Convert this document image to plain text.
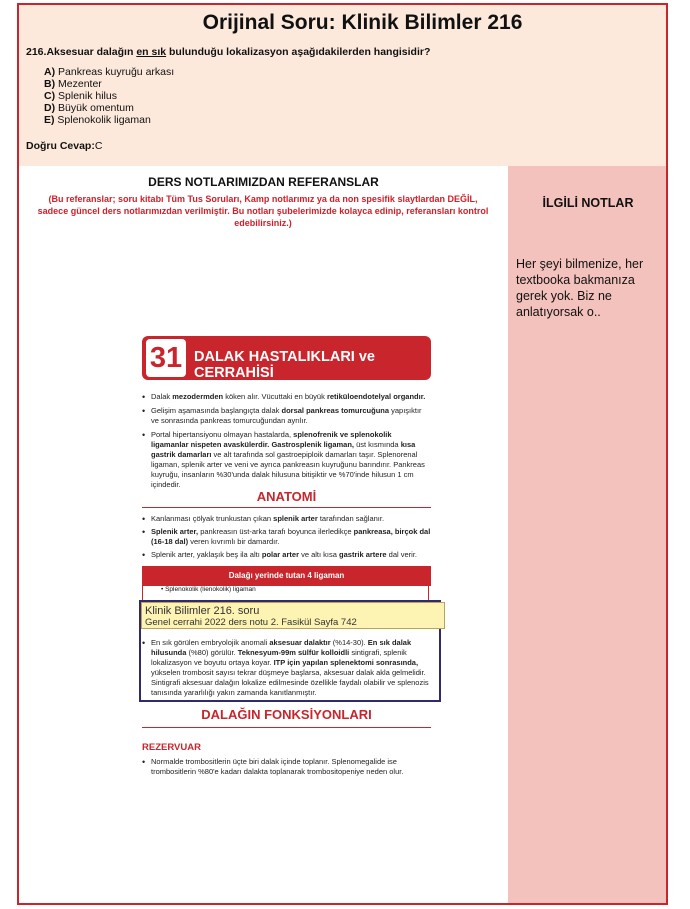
Orijinal Soru: Klinik Bilimler 216
216.Aksesuar dalağın en sık bulunduğu lokalizasyon aşağıdakilerden hangisidir?
A) Pankreas kuyruğu arkası
B) Mezenter
C) Splenik hilus
D) Büyük omentum
E) Splenokolik ligaman
Doğru Cevap:C
DERS NOTLARIMIZDAN REFERANSLAR
(Bu referanslar; soru kitabı Tüm Tus Soruları, Kamp notlarımız ya da non spesifik slaytlardan DEĞİL, sadece güncel ders notlarımızdan verilmiştir. Bu notları şubelerimizde kolayca edinip, referansları kontrol edebilirsiniz.)
İLGİLİ NOTLAR
Her şeyi bilmenize, her textbooka bakmanıza gerek yok. Biz ne anlatıyorsak o..
31 DALAK HASTALIKLARI ve CERRAHİSİ
• Dalak mezodermden köken alır. Vücuttaki en büyük retiküloendotelyal organdır.
• Gelişim aşamasında başlangıçta dalak dorsal pankreas tomurcuğuna yapışıktır ve sonrasında pankreas tomurcuğundan ayrılır.
• Portal hipertansiyonu olmayan hastalarda, splenofrenik ve splenokolik ligamanlar nispeten avaskülerdir. Gastrosplenik ligaman, üst kısmında kısa gastrik damarları ve alt tarafında sol gastroepiploik damarları taşır. Splenorenal ligaman, splenik arter ve veni ve ayrıca pankreasın kuyruğunu barındırır. Pankreas kuyruğu, insanların %30'unda dalak hilusuna bitişiktir ve %70'inde hilusun 1 cm içindedir.
ANATOMİ
• Kanlanması çölyak trunkustan çıkan splenik arter tarafından sağlanır.
• Splenik arter, pankreasın üst-arka tarafı boyunca ilerledikçe pankreasa, birçok dal (16-18 dal) veren kıvrımlı bir damardır.
• Splenik arter, yaklaşık beş ila altı polar arter ve altı kısa gastrik artere dal verir.
Dalağı yerinde tutan 4 ligaman
• Splenokolik (lienokolik) ligaman
• En sık görülen embryolojik anomali aksesuar dalaktır (%14-30). En sık dalak hilusunda (%80) görülür. Teknesyum-99m sülfür kolloidli sintigrafi, splenik lokalizasyon ve boyutu ortaya koyar. ITP için yapılan splenektomi sonrasında, yükselen trombosit sayısı tekrar düşmeye başlarsa, aksesuar dalak akla gelmelidir. Sintigrafi aksesuar dalağın lokalize edilmesinde özellikle faydalı olabilir ve splenozis tanısında yararlılığı yakın zamanda kanıtlanmıştır.
DALAĞIN FONKSİYONLARI
REZERVUAR
• Normalde trombositlerin üçte biri dalak içinde toplanır. Splenomegalide ise trombositlerin %80'e kadarı dalakta toplanarak trombositopeniye neden olur.
Klinik Bilimler 216. soru
Genel cerrahi 2022 ders notu 2. Fasikül Sayfa 742
